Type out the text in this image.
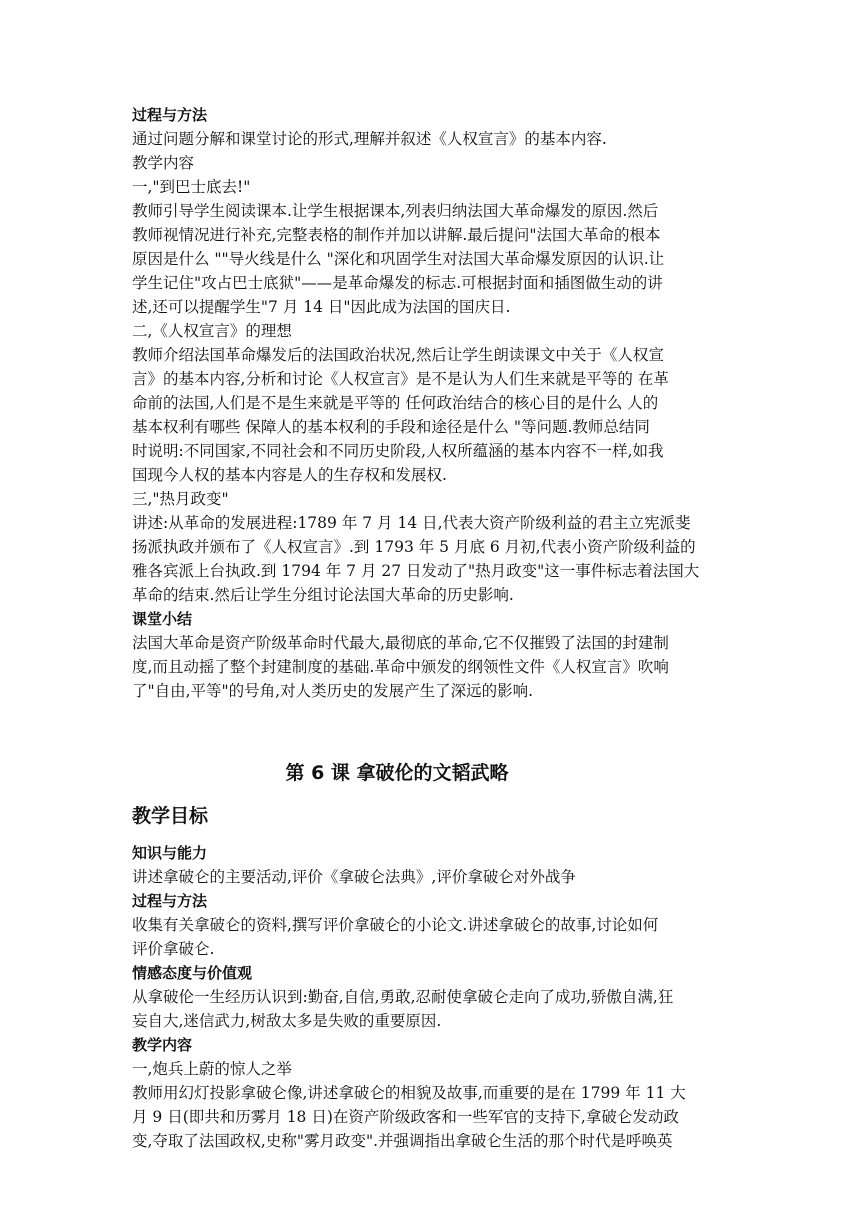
过程与方法
通过问题分解和课堂讨论的形式,理解并叙述《人权宣言》的基本内容.
教学内容
一,"到巴士底去!"
教师引导学生阅读课本.让学生根据课本,列表归纳法国大革命爆发的原因.然后
教师视情况进行补充,完整表格的制作并加以讲解.最后提问"法国大革命的根本
原因是什么 ""导火线是什么 "深化和巩固学生对法国大革命爆发原因的认识.让
学生记住"攻占巴士底狱"——是革命爆发的标志.可根据封面和插图做生动的讲
述,还可以提醒学生"7 月 14 日"因此成为法国的国庆日.
二,《人权宣言》的理想
教师介绍法国革命爆发后的法国政治状况,然后让学生朗读课文中关于《人权宣
言》的基本内容,分析和讨论《人权宣言》是不是认为人们生来就是平等的 在革
命前的法国,人们是不是生来就是平等的 任何政治结合的核心目的是什么 人的
基本权利有哪些 保障人的基本权利的手段和途径是什么 "等问题.教师总结同
时说明:不同国家,不同社会和不同历史阶段,人权所蕴涵的基本内容不一样,如我
国现今人权的基本内容是人的生存权和发展权.
三,"热月政变"
讲述:从革命的发展进程:1789 年 7 月 14 日,代表大资产阶级利益的君主立宪派斐
扬派执政并颁布了《人权宣言》.到 1793 年 5 月底 6 月初,代表小资产阶级利益的
雅各宾派上台执政.到 1794 年 7 月 27 日发动了"热月政变"这一事件标志着法国大
革命的结束.然后让学生分组讨论法国大革命的历史影响.
课堂小结
法国大革命是资产阶级革命时代最大,最彻底的革命,它不仅摧毁了法国的封建制
度,而且动摇了整个封建制度的基础.革命中颁发的纲领性文件《人权宣言》吹响
了"自由,平等"的号角,对人类历史的发展产生了深远的影响.
第 6 课 拿破伦的文韬武略
教学目标
知识与能力
讲述拿破仑的主要活动,评价《拿破仑法典》,评价拿破仑对外战争
过程与方法
收集有关拿破仑的资料,撰写评价拿破仑的小论文.讲述拿破仑的故事,讨论如何
评价拿破仑.
情感态度与价值观
从拿破伦一生经历认识到:勤奋,自信,勇敢,忍耐使拿破仑走向了成功,骄傲自满,狂
妄自大,迷信武力,树敌太多是失败的重要原因.
教学内容
一,炮兵上蔚的惊人之举
教师用幻灯投影拿破仑像,讲述拿破仑的相貌及故事,而重要的是在 1799 年 11 大
月 9 日(即共和历雾月 18 日)在资产阶级政客和一些军官的支持下,拿破仑发动政
变,夺取了法国政权,史称"雾月政变".并强调指出拿破仑生活的那个时代是呼唤英
